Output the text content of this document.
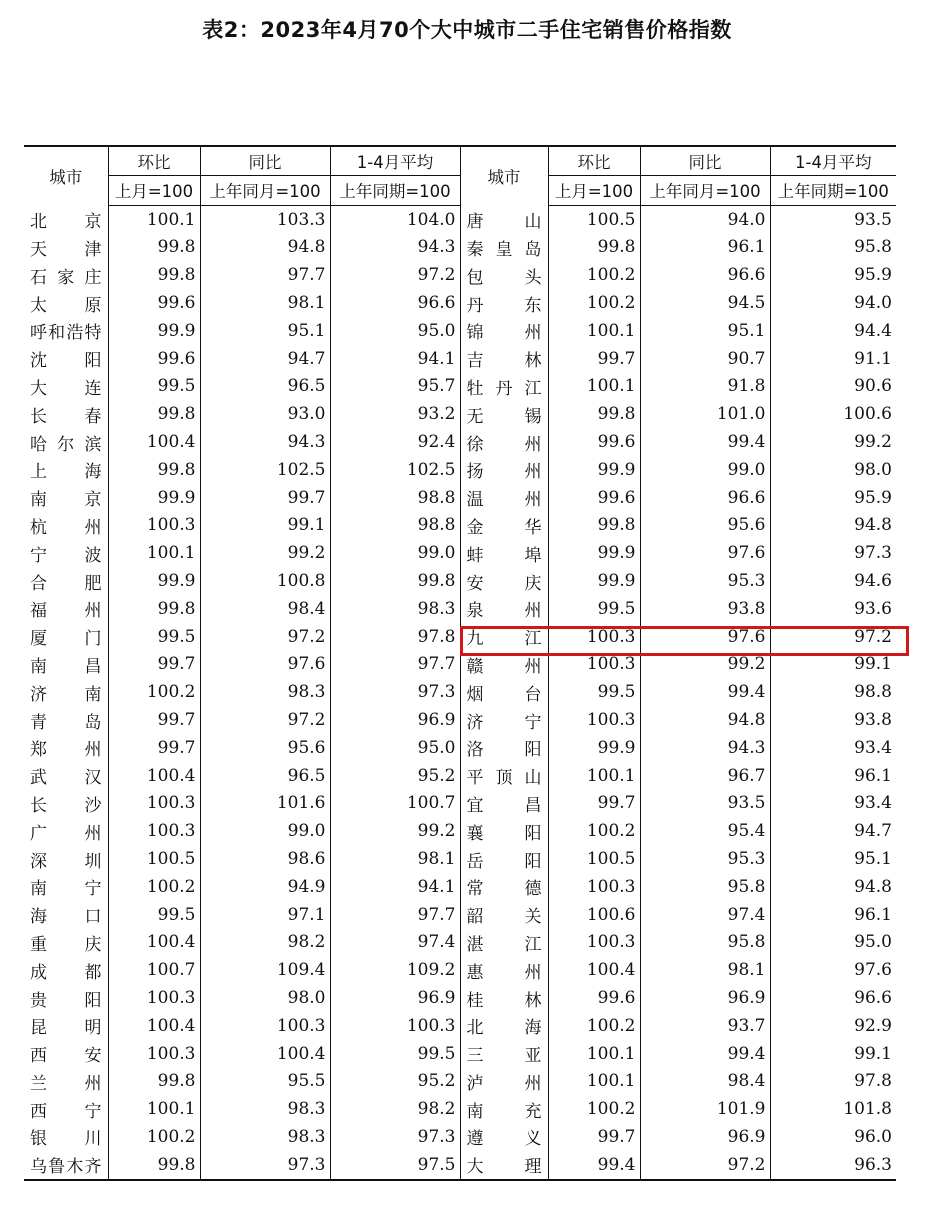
表2：2023年4月70个大中城市二手住宅销售价格指数
城市	环比	同比	1-4月平均	城市	环比	同比	1-4月平均
	上月=100	上年同月=100	上年同期=100		上月=100	上年同月=100	上年同期=100
北京	100.1	103.3	104.0	唐山	100.5	94.0	93.5
天津	99.8	94.8	94.3	秦皇岛	99.8	96.1	95.8
石家庄	99.8	97.7	97.2	包头	100.2	96.6	95.9
太原	99.6	98.1	96.6	丹东	100.2	94.5	94.0
呼和浩特	99.9	95.1	95.0	锦州	100.1	95.1	94.4
沈阳	99.6	94.7	94.1	吉林	99.7	90.7	91.1
大连	99.5	96.5	95.7	牡丹江	100.1	91.8	90.6
长春	99.8	93.0	93.2	无锡	99.8	101.0	100.6
哈尔滨	100.4	94.3	92.4	徐州	99.6	99.4	99.2
上海	99.8	102.5	102.5	扬州	99.9	99.0	98.0
南京	99.9	99.7	98.8	温州	99.6	96.6	95.9
杭州	100.3	99.1	98.8	金华	99.8	95.6	94.8
宁波	100.1	99.2	99.0	蚌埠	99.9	97.6	97.3
合肥	99.9	100.8	99.8	安庆	99.9	95.3	94.6
福州	99.8	98.4	98.3	泉州	99.5	93.8	93.6
厦门	99.5	97.2	97.8	九江	100.3	97.6	97.2
南昌	99.7	97.6	97.7	赣州	100.3	99.2	99.1
济南	100.2	98.3	97.3	烟台	99.5	99.4	98.8
青岛	99.7	97.2	96.9	济宁	100.3	94.8	93.8
郑州	99.7	95.6	95.0	洛阳	99.9	94.3	93.4
武汉	100.4	96.5	95.2	平顶山	100.1	96.7	96.1
长沙	100.3	101.6	100.7	宜昌	99.7	93.5	93.4
广州	100.3	99.0	99.2	襄阳	100.2	95.4	94.7
深圳	100.5	98.6	98.1	岳阳	100.5	95.3	95.1
南宁	100.2	94.9	94.1	常德	100.3	95.8	94.8
海口	99.5	97.1	97.7	韶关	100.6	97.4	96.1
重庆	100.4	98.2	97.4	湛江	100.3	95.8	95.0
成都	100.7	109.4	109.2	惠州	100.4	98.1	97.6
贵阳	100.3	98.0	96.9	桂林	99.6	96.9	96.6
昆明	100.4	100.3	100.3	北海	100.2	93.7	92.9
西安	100.3	100.4	99.5	三亚	100.1	99.4	99.1
兰州	99.8	95.5	95.2	泸州	100.1	98.4	97.8
西宁	100.1	98.3	98.2	南充	100.2	101.9	101.8
银川	100.2	98.3	97.3	遵义	99.7	96.9	96.0
乌鲁木齐	99.8	97.3	97.5	大理	99.4	97.2	96.3
